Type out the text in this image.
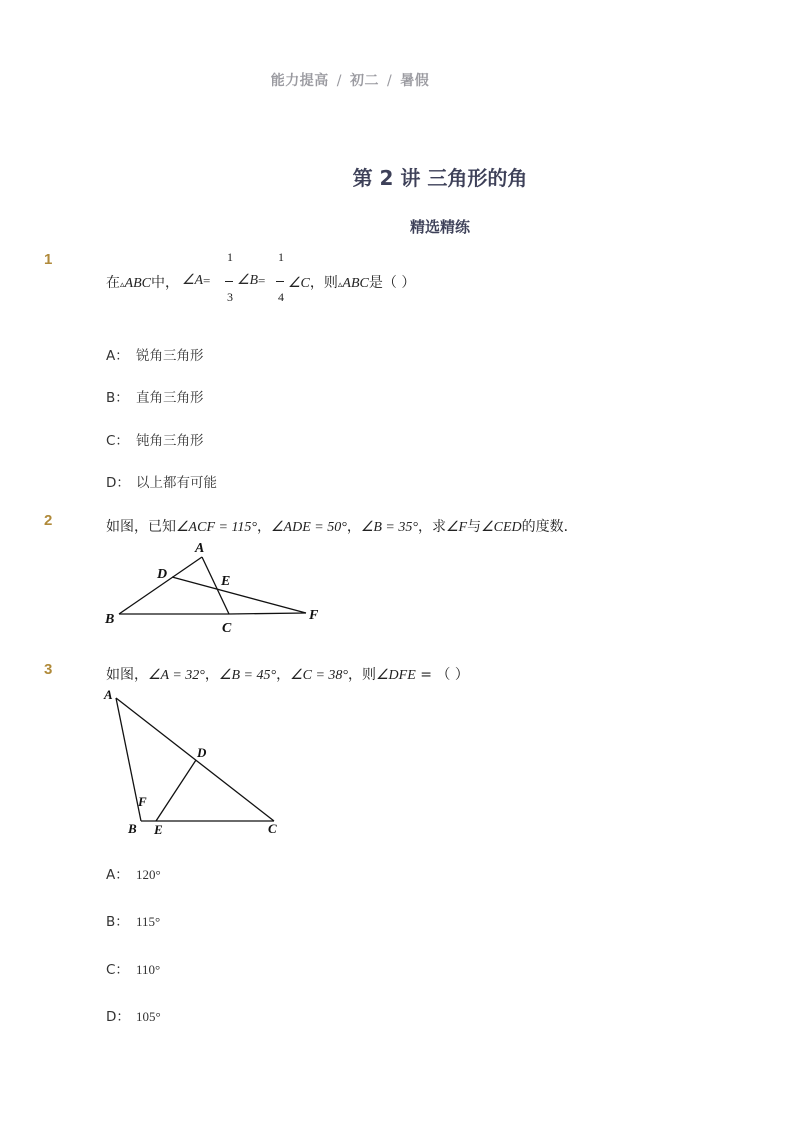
能力提高 / 初二 / 暑假
第 2 讲 三角形的角
精选精练
1
在▵ABC中， ∠A =
1
3
∠B =
1
4
∠C，则▵ABC是（ ）
A： 锐角三角形
B： 直角三角形
C： 钝角三角形
D： 以上都有可能
2	如图，已知∠ACF = 115°，∠ADE = 50°，∠B = 35°，求∠F与∠CED的度数．
A
B
C
D	E
F
3	如图，∠A = 32°，∠B = 45°，∠C = 38°，则∠DFE = （ ）
A
B	C
D
E
F
A： 120°
B： 115°
C： 110°
D： 105°
